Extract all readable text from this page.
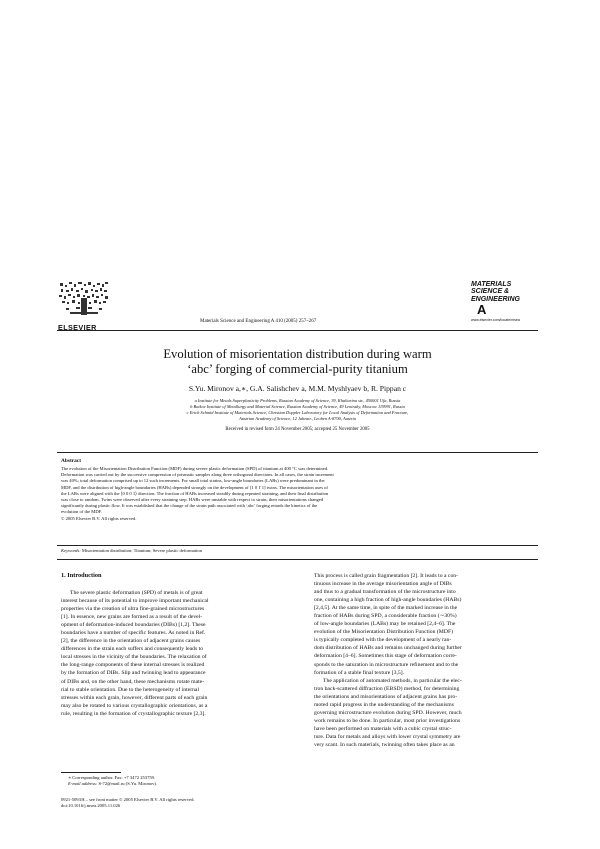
ELSEVIER
Materials Science and Engineering A 410 (2005) 257–267
MATERIALS
SCIENCE &
ENGINEERING
A
www.elsevier.com/locate/msea
Evolution of misorientation distribution during warm
‘abc’ forging of commercial-purity titanium
S.Yu. Mironov a,∗, G.A. Salishchev a, M.M. Myshlyaev b, R. Pippan c
a Institute for Metals Superplasticity Problems, Russian Academy of Science, 39, Khalturina str., 450001 Ufa, Russia
b Baikov Institute of Metallurgy and Material Science, Russian Academy of Science, 49 Leninsky, Moscow 119991, Russia
c Erich Schmid Institute of Materials Science, Christian Doppler Laboratory for Local Analysis of Deformation and Fracture,
Austrian Academy of Science, 12 Jahnstr., Leoben A-8700, Austria
Received in revised form 24 November 2005; accepted 25 November 2005
Abstract
The evolution of the Misorientation Distribution Function (MDF) during severe plastic deformation (SPD) of titanium at 400 °C was determined.
Deformation was carried out by the successive compression of prismatic samples along three orthogonal directions. In all cases, the strain increment
was 40%; total deformation comprised up to 12 such increments. For small total strains, low-angle boundaries (LABs) were predominant in the
MDF, and the distribution of high-angle boundaries (HABs) depended strongly on the development of [1 0 1̄ 1] twins. The misorientation axes of
the LABs were aligned with the ⟨0 0 0 1⟩ direction. The fraction of HABs increased steadily during repeated straining, and their final distribution
was close to random. Twins were observed after every straining step. HABs were unstable with respect to strain; their misorientations changed
significantly during plastic flow. It was established that the change of the strain path associated with ‘abc’ forging retards the kinetics of the
evolution of the MDF.
© 2005 Elsevier B.V. All rights reserved.
Keywords: Misorientation distribution; Titanium; Severe plastic deformation
1. Introduction
The severe plastic deformation (SPD) of metals is of great
interest because of its potential to improve important mechanical
properties via the creation of ultra fine-grained microstructures
[1]. In essence, new grains are formed as a result of the devel-
opment of deformation-induced boundaries (DIBs) [1,2]. These
boundaries have a number of specific features. As noted in Ref.
[2], the difference in the orientation of adjacent grains causes
differences in the strain each suffers and consequently leads to
local stresses in the vicinity of the boundaries. The relaxation of
the long-range components of these internal stresses is realized
by the formation of DIBs. Slip and twinning lead to appearance
of DIBs and, on the other hand, these mechanisms rotate mate-
rial to stable orientation. Due to the heterogeneity of internal
stresses within each grain, however, different parts of each grain
may also be rotated to various crystallographic orientations, as a
rule, resulting in the formation of crystallographic texture [2,3].
∗ Corresponding author. Fax: +7 3472 253759.
E-mail address: S-72@mail.ru (S.Yu. Mironov).
0921-5093/$ – see front matter © 2005 Elsevier B.V. All rights reserved.
doi:10.1016/j.msea.2005.11.026
This process is called grain fragmentation [2]. It leads to a con-
tinuous increase in the average misorientation angle of DIBs
and thus to a gradual transformation of the microstructure into
one, containing a high fraction of high-angle boundaries (HABs)
[2,4,5]. At the same time, in spite of the marked increase in the
fraction of HABs during SPD, a considerable fraction (∼30%)
of low-angle boundaries (LABs) may be retained [2,4–6]. The
evolution of the Misorientation Distribution Function (MDF)
is typically completed with the development of a nearly ran-
dom distribution of HABs and remains unchanged during further
deformation [4–6]. Sometimes this stage of deformation corre-
sponds to the saturation in microstructure refinement and to the
formation of a stable final texture [3,5].
The application of automated methods, in particular the elec-
tron back-scattered diffraction (EBSD) method, for determining
the orientations and misorientations of adjacent grains has pro-
moted rapid progress in the understanding of the mechanisms
governing microstructure evolution during SPD. However, much
work remains to be done. In particular, most prior investigations
have been performed on materials with a cubic crystal struc-
ture. Data for metals and alloys with lower crystal symmetry are
very scant. In such materials, twinning often takes place as an
